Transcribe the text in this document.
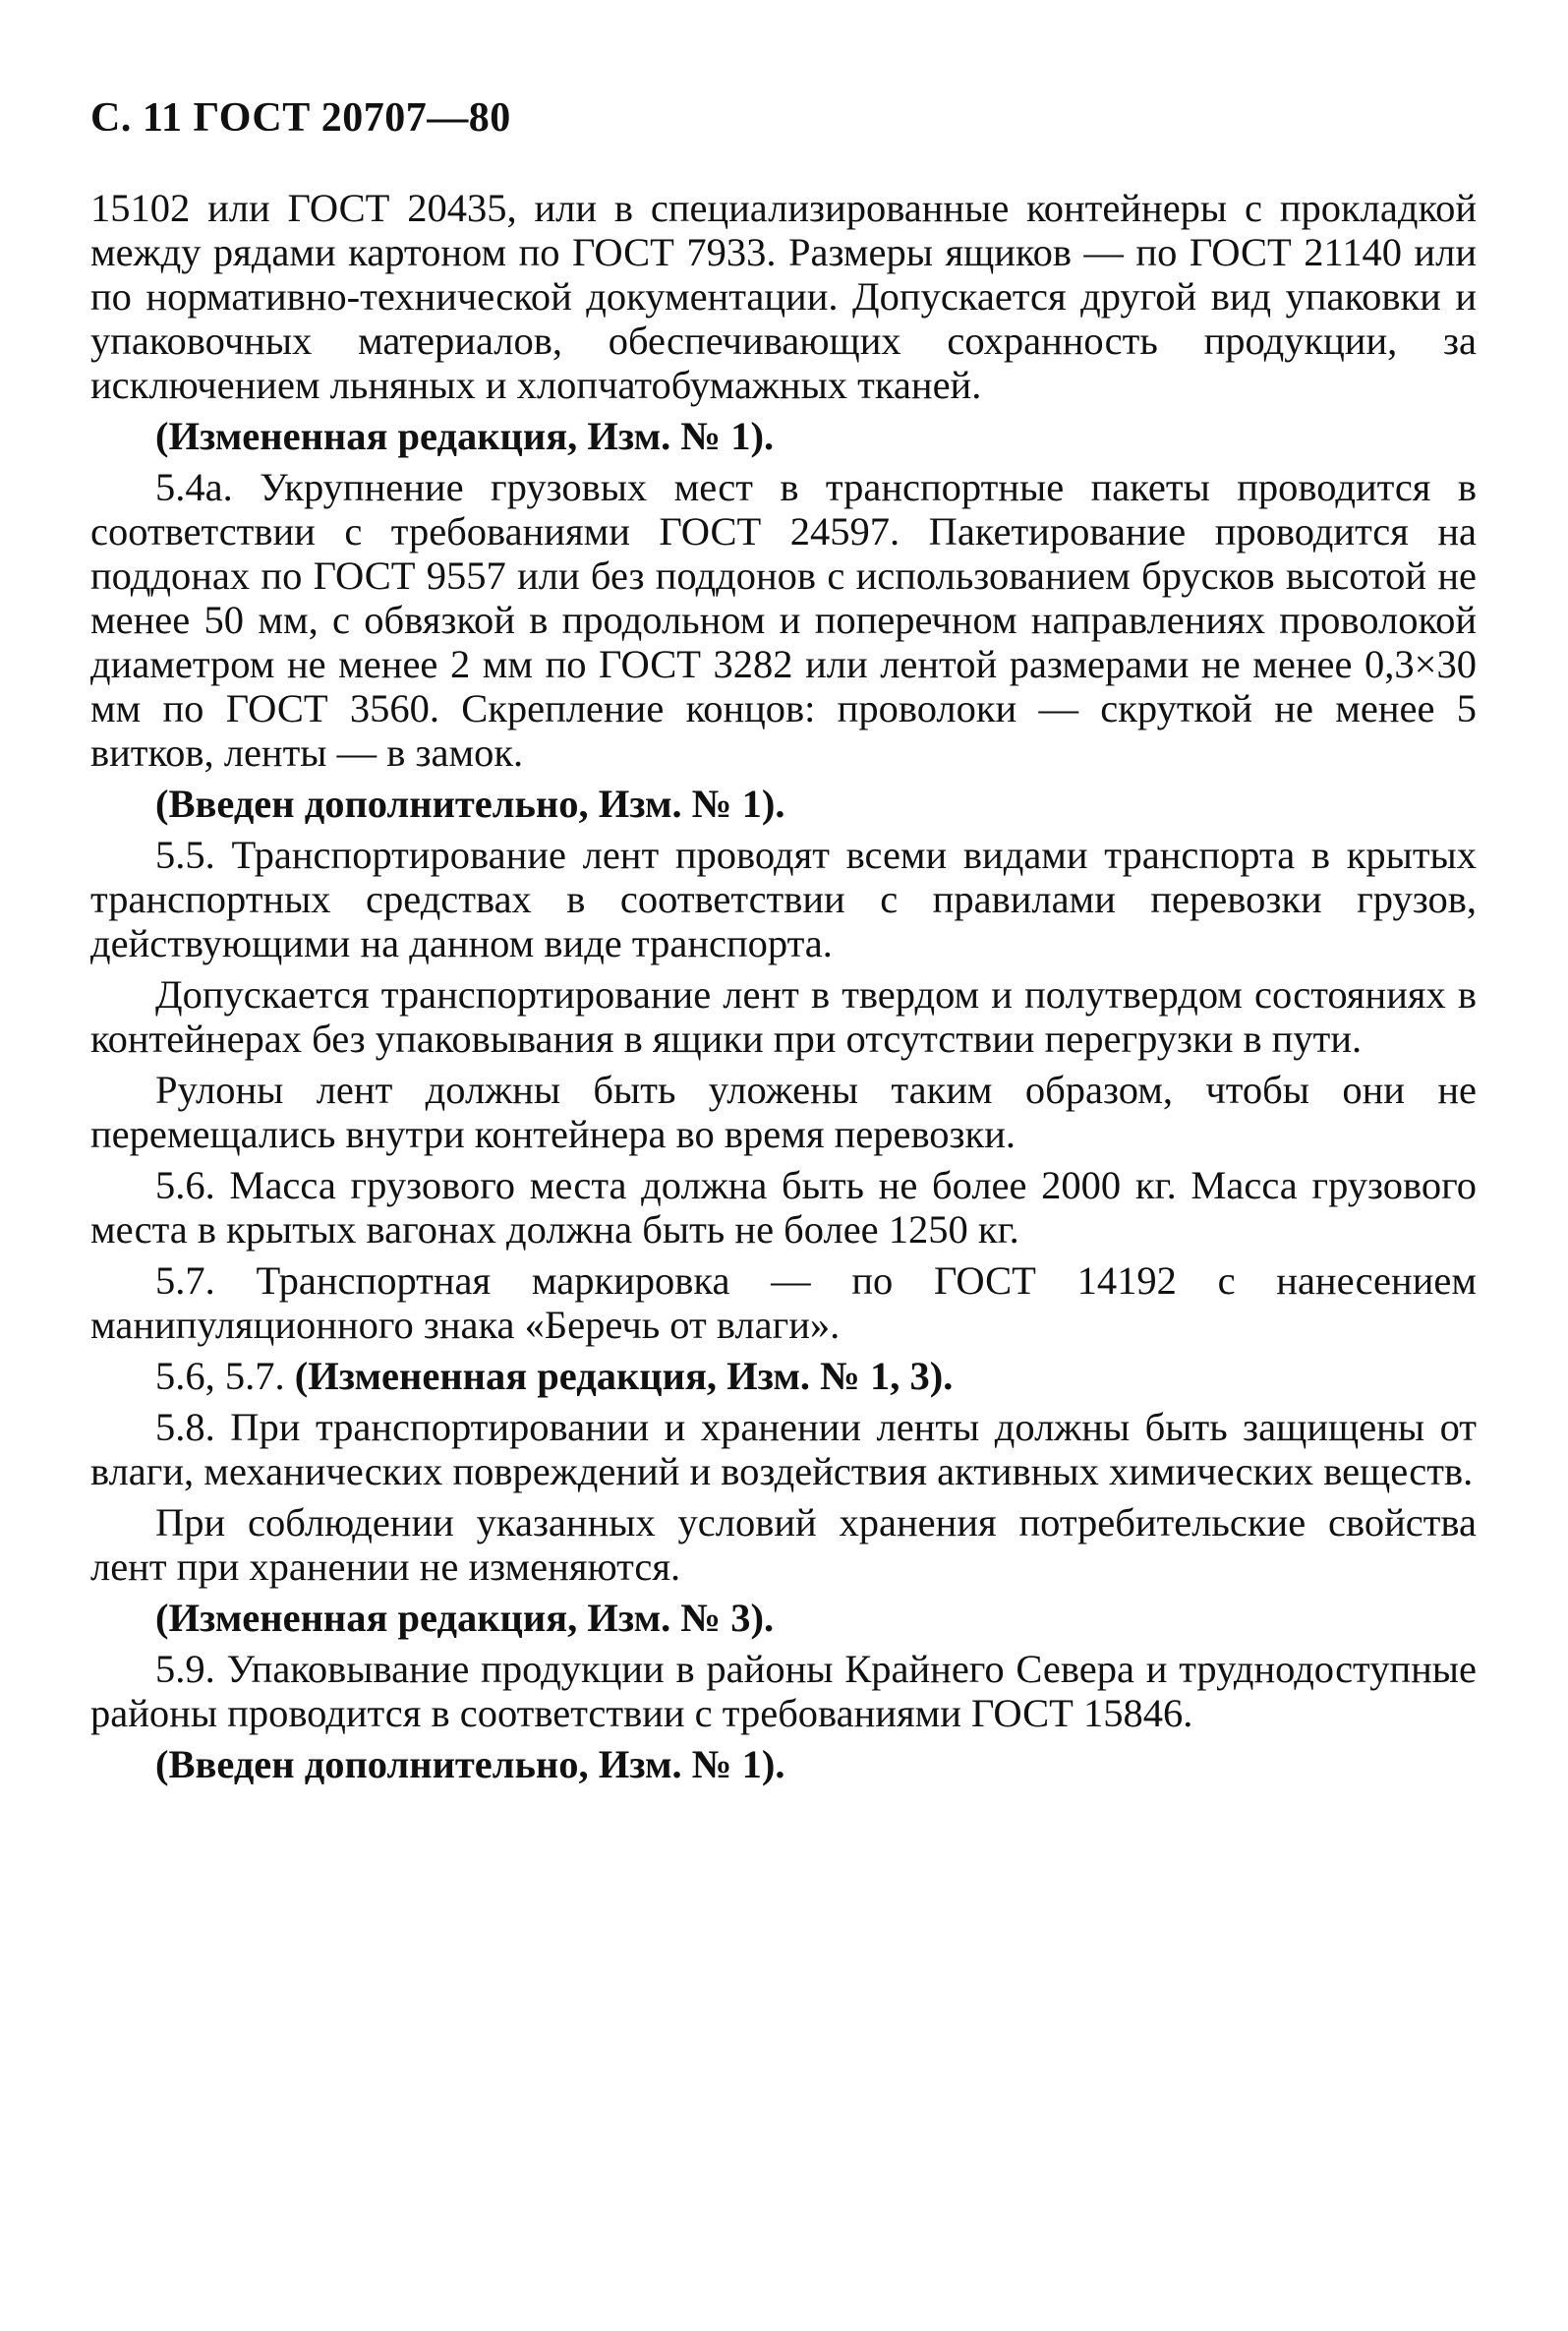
С. 11 ГОСТ 20707—80

15102 или ГОСТ 20435, или в специализированные контейнеры с прокладкой между рядами картоном по ГОСТ 7933. Размеры ящиков — по ГОСТ 21140 или по нормативно-технической документации. Допускается другой вид упаковки и упаковочных материалов, обеспечивающих сохранность продукции, за исключением льняных и хлопчатобумажных тканей.

(Измененная редакция, Изм. № 1).

5.4а. Укрупнение грузовых мест в транспортные пакеты проводится в соответствии с требованиями ГОСТ 24597. Пакетирование проводится на поддонах по ГОСТ 9557 или без поддонов с использованием брусков высотой не менее 50 мм, с обвязкой в продольном и поперечном направлениях проволокой диаметром не менее 2 мм по ГОСТ 3282 или лентой размерами не менее 0,3×30 мм по ГОСТ 3560. Скрепление концов: проволоки — скруткой не менее 5 витков, ленты — в замок.

(Введен дополнительно, Изм. № 1).

5.5. Транспортирование лент проводят всеми видами транспорта в крытых транспортных средствах в соответствии с правилами перевозки грузов, действующими на данном виде транспорта.

Допускается транспортирование лент в твердом и полутвердом состояниях в контейнерах без упаковывания в ящики при отсутствии перегрузки в пути.

Рулоны лент должны быть уложены таким образом, чтобы они не перемещались внутри контейнера во время перевозки.

5.6. Масса грузового места должна быть не более 2000 кг. Масса грузового места в крытых вагонах должна быть не более 1250 кг.

5.7. Транспортная маркировка — по ГОСТ 14192 с нанесением манипуляционного знака «Беречь от влаги».

5.6, 5.7. (Измененная редакция, Изм. № 1, 3).

5.8. При транспортировании и хранении ленты должны быть защищены от влаги, механических повреждений и воздействия активных химических веществ.

При соблюдении указанных условий хранения потребительские свойства лент при хранении не изменяются.

(Измененная редакция, Изм. № 3).

5.9. Упаковывание продукции в районы Крайнего Севера и труднодоступные районы проводится в соответствии с требованиями ГОСТ 15846.

(Введен дополнительно, Изм. № 1).
